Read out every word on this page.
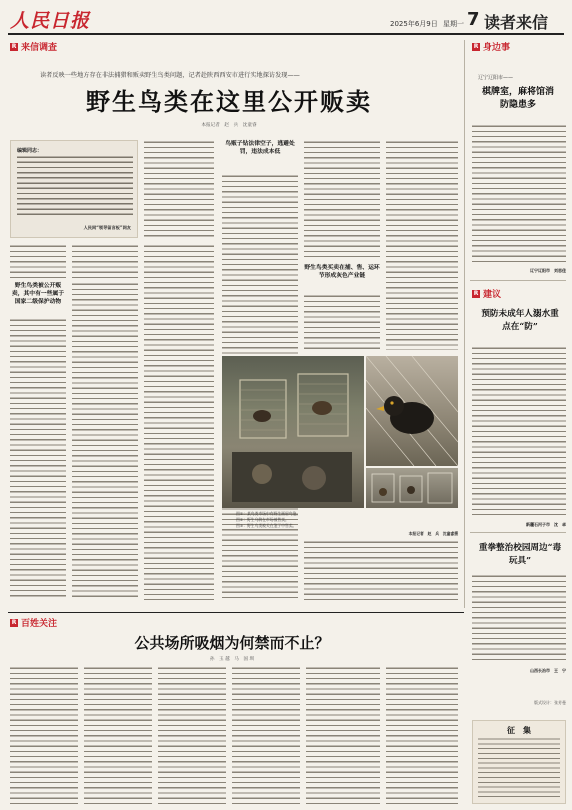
人民日报	2025年6月9日 星期一 7 读者来信
R 来信调查
读者反映一些地方存在非法捕猎和贩卖野生鸟类问题，记者赴陕西西安市进行实地探访发现——
野生鸟类在这里公开贩卖
本报记者　赵　兵　沈童睿
编辑同志：
人民网“领导留言板”网友
野生鸟类被公开贩卖，其中有一些属于国家二级保护动物
鸟贩子钻法律空子，逃避处罚，违法成本低
野生鸟类买卖在捕、售、运环节形成灰色产业链
图①：某鸟类市场中有野生画眉鸟笼。
图②：野生乌鸫在市场被售卖。
图③：野生鸟类被关在笼子中售卖。
本报记者　赵　兵　沈童睿摄
R 身边事
辽宁辽阳市——
棋牌室，麻将馆消防隐患多
辽宁辽阳市　刘思佳
R 建议
预防未成年人溺水重点在“防”
新疆石河子市　沈　卓
重拳整治校园周边“毒玩具”
山西长治市　王　宁
版式设计：张芳曼
征　集
R 百姓关注
公共场所吸烟为何禁而不止？
孙　玉 越　马　国 圳
